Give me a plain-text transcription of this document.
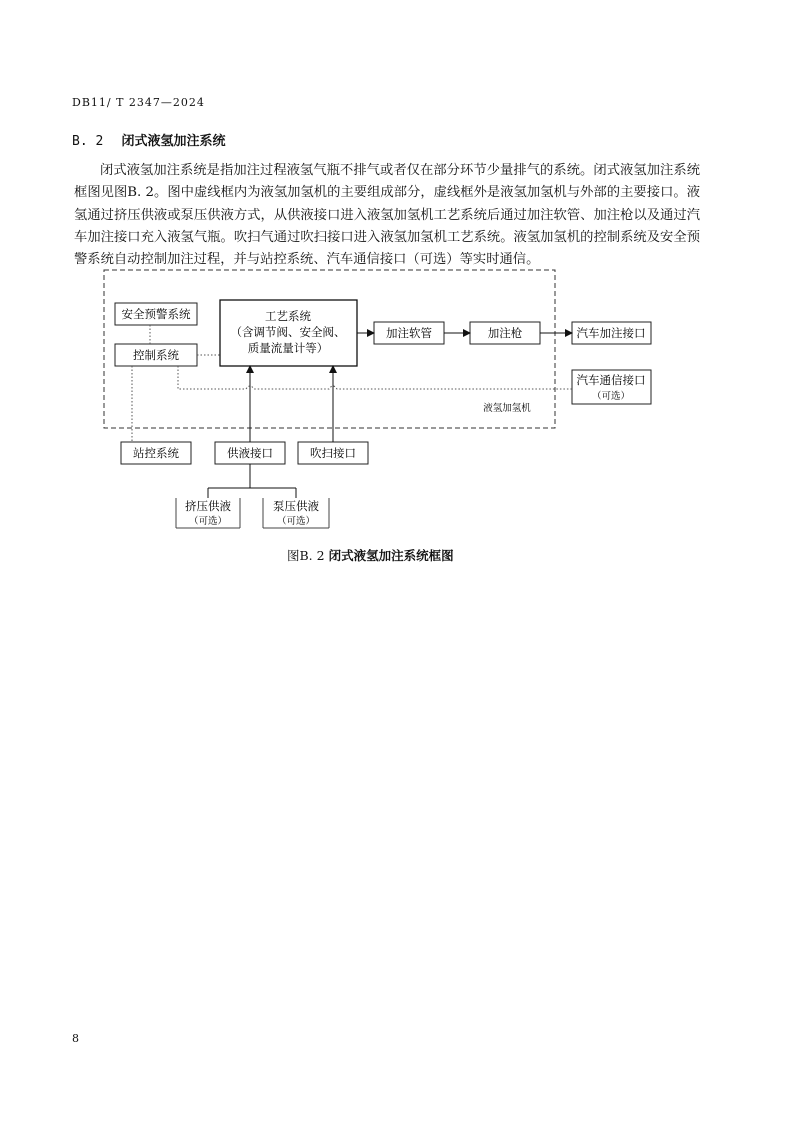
DB11/ T 2347—2024
B. 2 闭式液氢加注系统
闭式液氢加注系统是指加注过程液氢气瓶不排气或者仅在部分环节少量排气的系统。闭式液氢加注系统框图见图B. 2。图中虚线框内为液氢加氢机的主要组成部分，虚线框外是液氢加氢机与外部的主要接口。液氢通过挤压供液或泵压供液方式，从供液接口进入液氢加氢机工艺系统后通过加注软管、加注枪以及通过汽车加注接口充入液氢气瓶。吹扫气通过吹扫接口进入液氢加氢机工艺系统。液氢加氢机的控制系统及安全预警系统自动控制加注过程，并与站控系统、汽车通信接口（可选）等实时通信。
安全预警系统
控制系统
工艺系统
（含调节阀、安全阀、
质量流量计等）
加注软管	加注枪	汽车加注接口
汽车通信接口
（可选）
液氢加氢机
站控系统	供液接口	吹扫接口
挤压供液
（可选）
泵压供液
（可选）
图B. 2 闭式液氢加注系统框图
8
